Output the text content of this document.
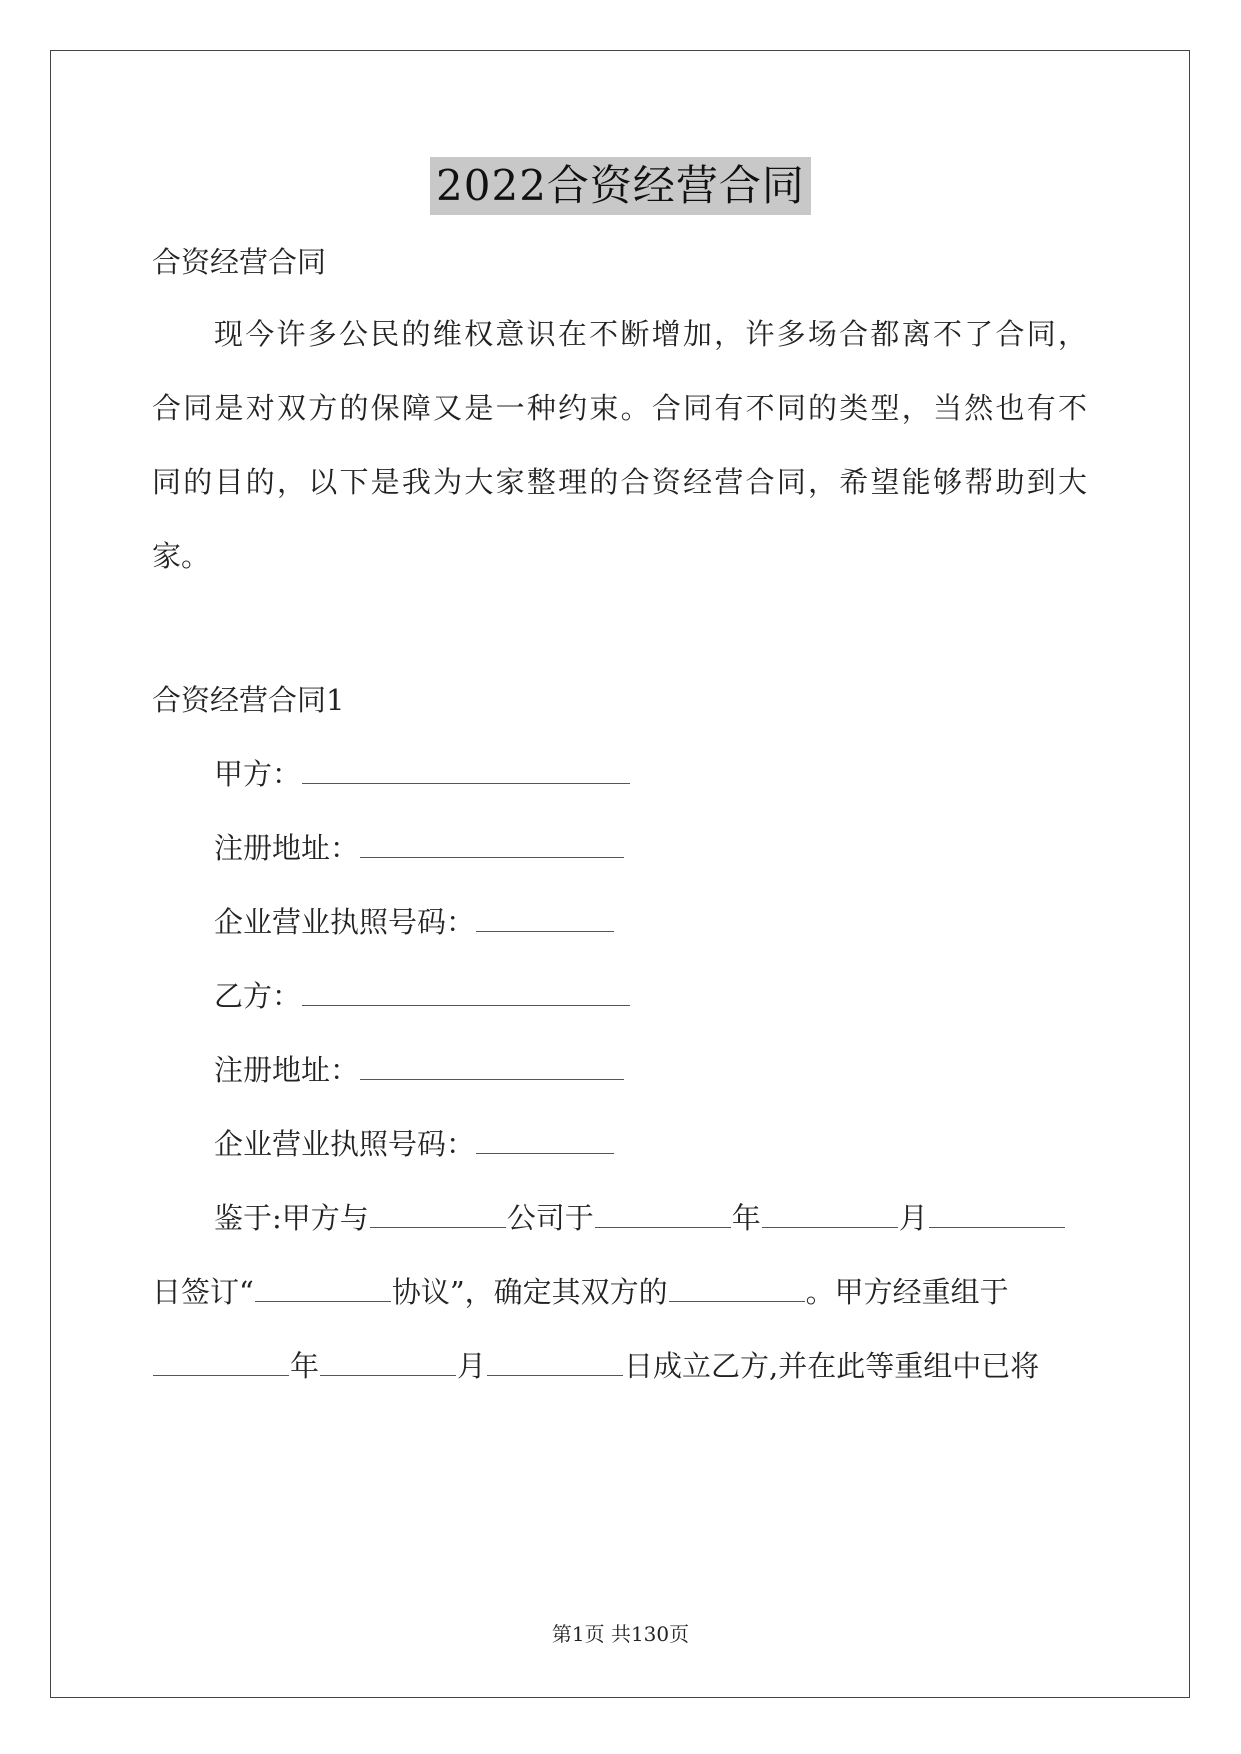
2022合资经营合同
合资经营合同
现今许多公民的维权意识在不断增加，许多场合都离不了合同，
合同是对双方的保障又是一种约束。合同有不同的类型，当然也有不
同的目的，以下是我为大家整理的合资经营合同，希望能够帮助到大
家。
合资经营合同1
甲方：
注册地址：
企业营业执照号码：
乙方：
注册地址：
企业营业执照号码：
鉴于:甲方与	公司于	年	月
日签订“	协议”，确定其双方的	。甲方经重组于
年	月	日成立乙方,并在此等重组中已将
第1页 共130页
